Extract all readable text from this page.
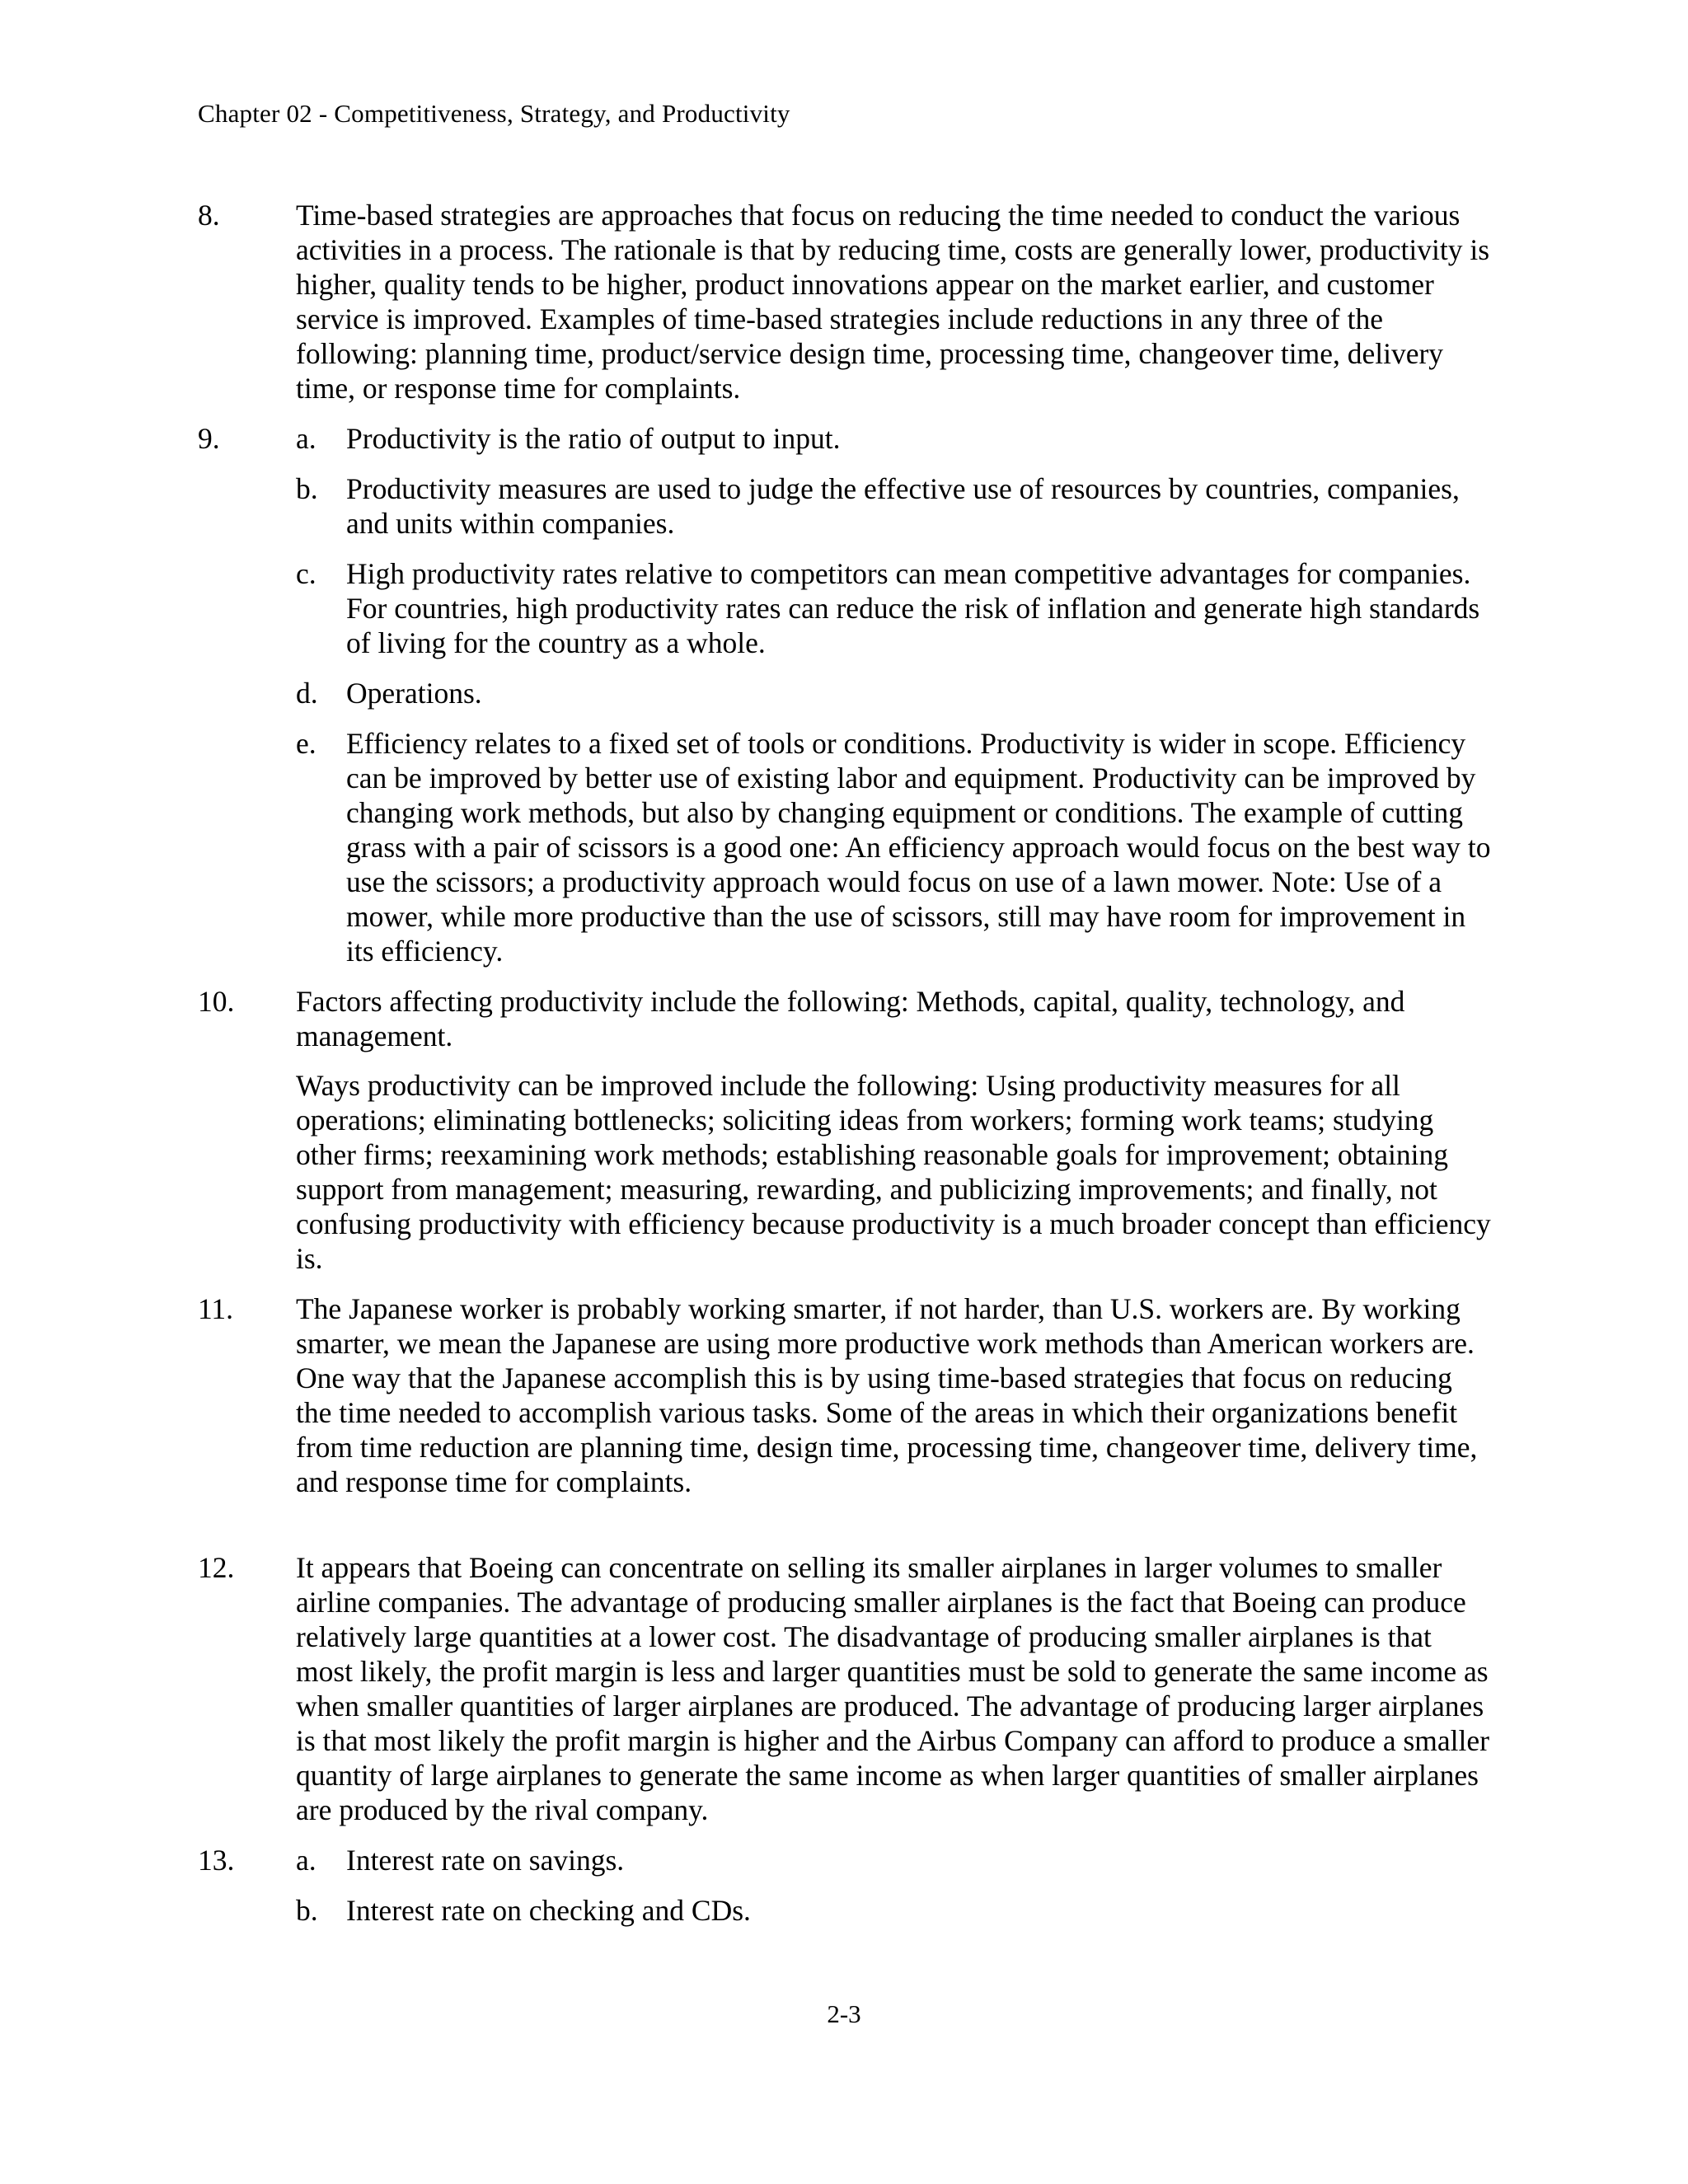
Chapter 02 - Competitiveness, Strategy, and Productivity
8.	Time-based strategies are approaches that focus on reducing the time needed to conduct the various activities in a process. The rationale is that by reducing time, costs are generally lower, productivity is higher, quality tends to be higher, product innovations appear on the market earlier, and customer service is improved. Examples of time-based strategies include reductions in any three of the following: planning time, product/service design time, processing time, changeover time, delivery time, or response time for complaints.

9.	a. Productivity is the ratio of output to input.
b. Productivity measures are used to judge the effective use of resources by countries, companies, and units within companies.
c. High productivity rates relative to competitors can mean competitive advantages for companies. For countries, high productivity rates can reduce the risk of inflation and generate high standards of living for the country as a whole.
d. Operations.
e. Efficiency relates to a fixed set of tools or conditions. Productivity is wider in scope. Efficiency can be improved by better use of existing labor and equipment. Productivity can be improved by changing work methods, but also by changing equipment or conditions. The example of cutting grass with a pair of scissors is a good one: An efficiency approach would focus on the best way to use the scissors; a productivity approach would focus on use of a lawn mower. Note: Use of a mower, while more productive than the use of scissors, still may have room for improvement in its efficiency.
10. Factors affecting productivity include the following: Methods, capital, quality, technology, and management.

Ways productivity can be improved include the following: Using productivity measures for all operations; eliminating bottlenecks; soliciting ideas from workers; forming work teams; studying other firms; reexamining work methods; establishing reasonable goals for improvement; obtaining support from management; measuring, rewarding, and publicizing improvements; and finally, not confusing productivity with efficiency because productivity is a much broader concept than efficiency is.

11. The Japanese worker is probably working smarter, if not harder, than U.S. workers are. By working smarter, we mean the Japanese are using more productive work methods than American workers are. One way that the Japanese accomplish this is by using time-based strategies that focus on reducing the time needed to accomplish various tasks. Some of the areas in which their organizations benefit from time reduction are planning time, design time, processing time, changeover time, delivery time, and response time for complaints.

12. It appears that Boeing can concentrate on selling its smaller airplanes in larger volumes to smaller airline companies. The advantage of producing smaller airplanes is the fact that Boeing can produce relatively large quantities at a lower cost. The disadvantage of producing smaller airplanes is that most likely, the profit margin is less and larger quantities must be sold to generate the same income as when smaller quantities of larger airplanes are produced. The advantage of producing larger airplanes is that most likely the profit margin is higher and the Airbus Company can afford to produce a smaller quantity of large airplanes to generate the same income as when larger quantities of smaller airplanes are produced by the rival company.

13. a. Interest rate on savings.
b. Interest rate on checking and CDs.
2-3
